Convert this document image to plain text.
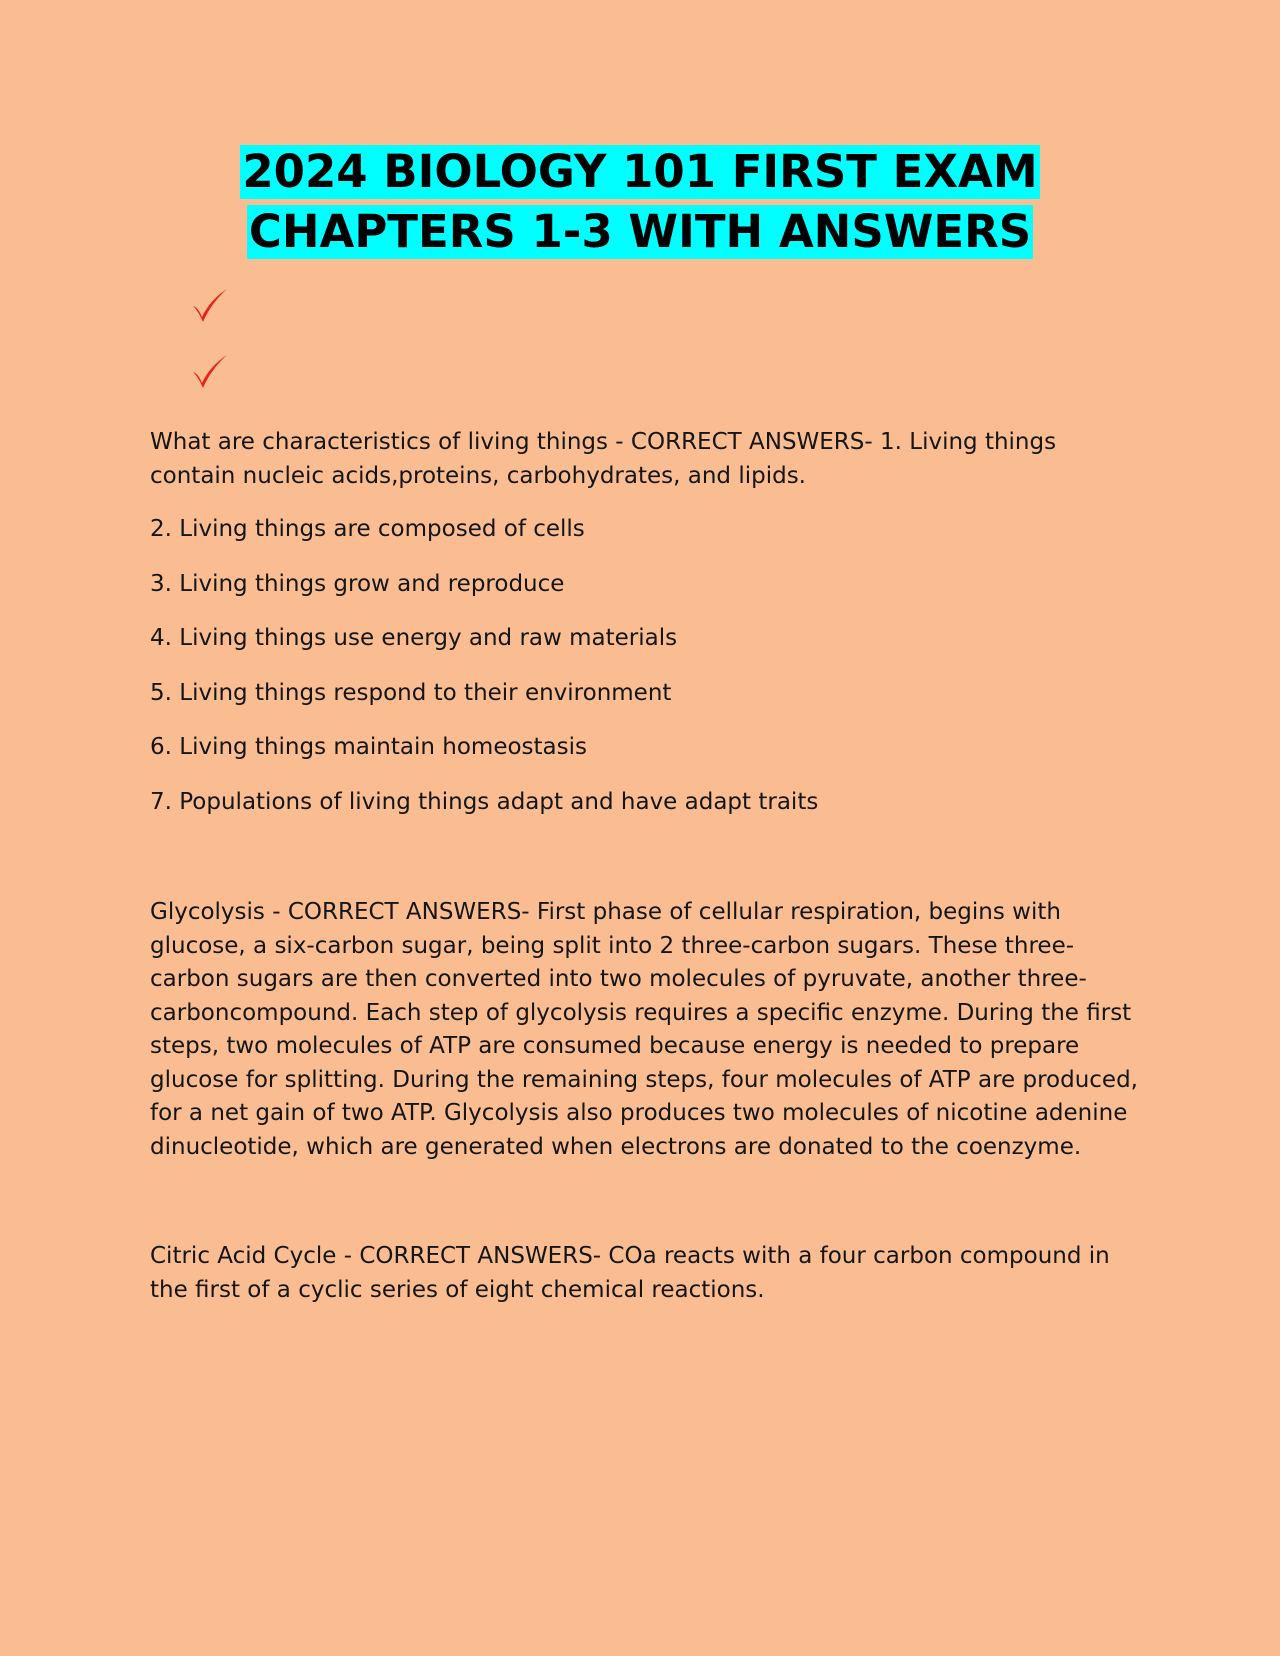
2024 BIOLOGY 101 FIRST EXAM
CHAPTERS 1-3 WITH ANSWERS

What are characteristics of living things - CORRECT ANSWERS- 1. Living things contain nucleic acids,proteins, carbohydrates, and lipids.

2. Living things are composed of cells

3. Living things grow and reproduce

4. Living things use energy and raw materials

5. Living things respond to their environment

6. Living things maintain homeostasis

7. Populations of living things adapt and have adapt traits

Glycolysis - CORRECT ANSWERS- First phase of cellular respiration, begins with glucose, a six-carbon sugar, being split into 2 three-carbon sugars. These three-carbon sugars are then converted into two molecules of pyruvate, another three-carboncompound. Each step of glycolysis requires a specific enzyme. During the first steps, two molecules of ATP are consumed because energy is needed to prepare glucose for splitting. During the remaining steps, four molecules of ATP are produced, for a net gain of two ATP. Glycolysis also produces two molecules of nicotine adenine dinucleotide, which are generated when electrons are donated to the coenzyme.

Citric Acid Cycle - CORRECT ANSWERS- COa reacts with a four carbon compound in the first of a cyclic series of eight chemical reactions.
